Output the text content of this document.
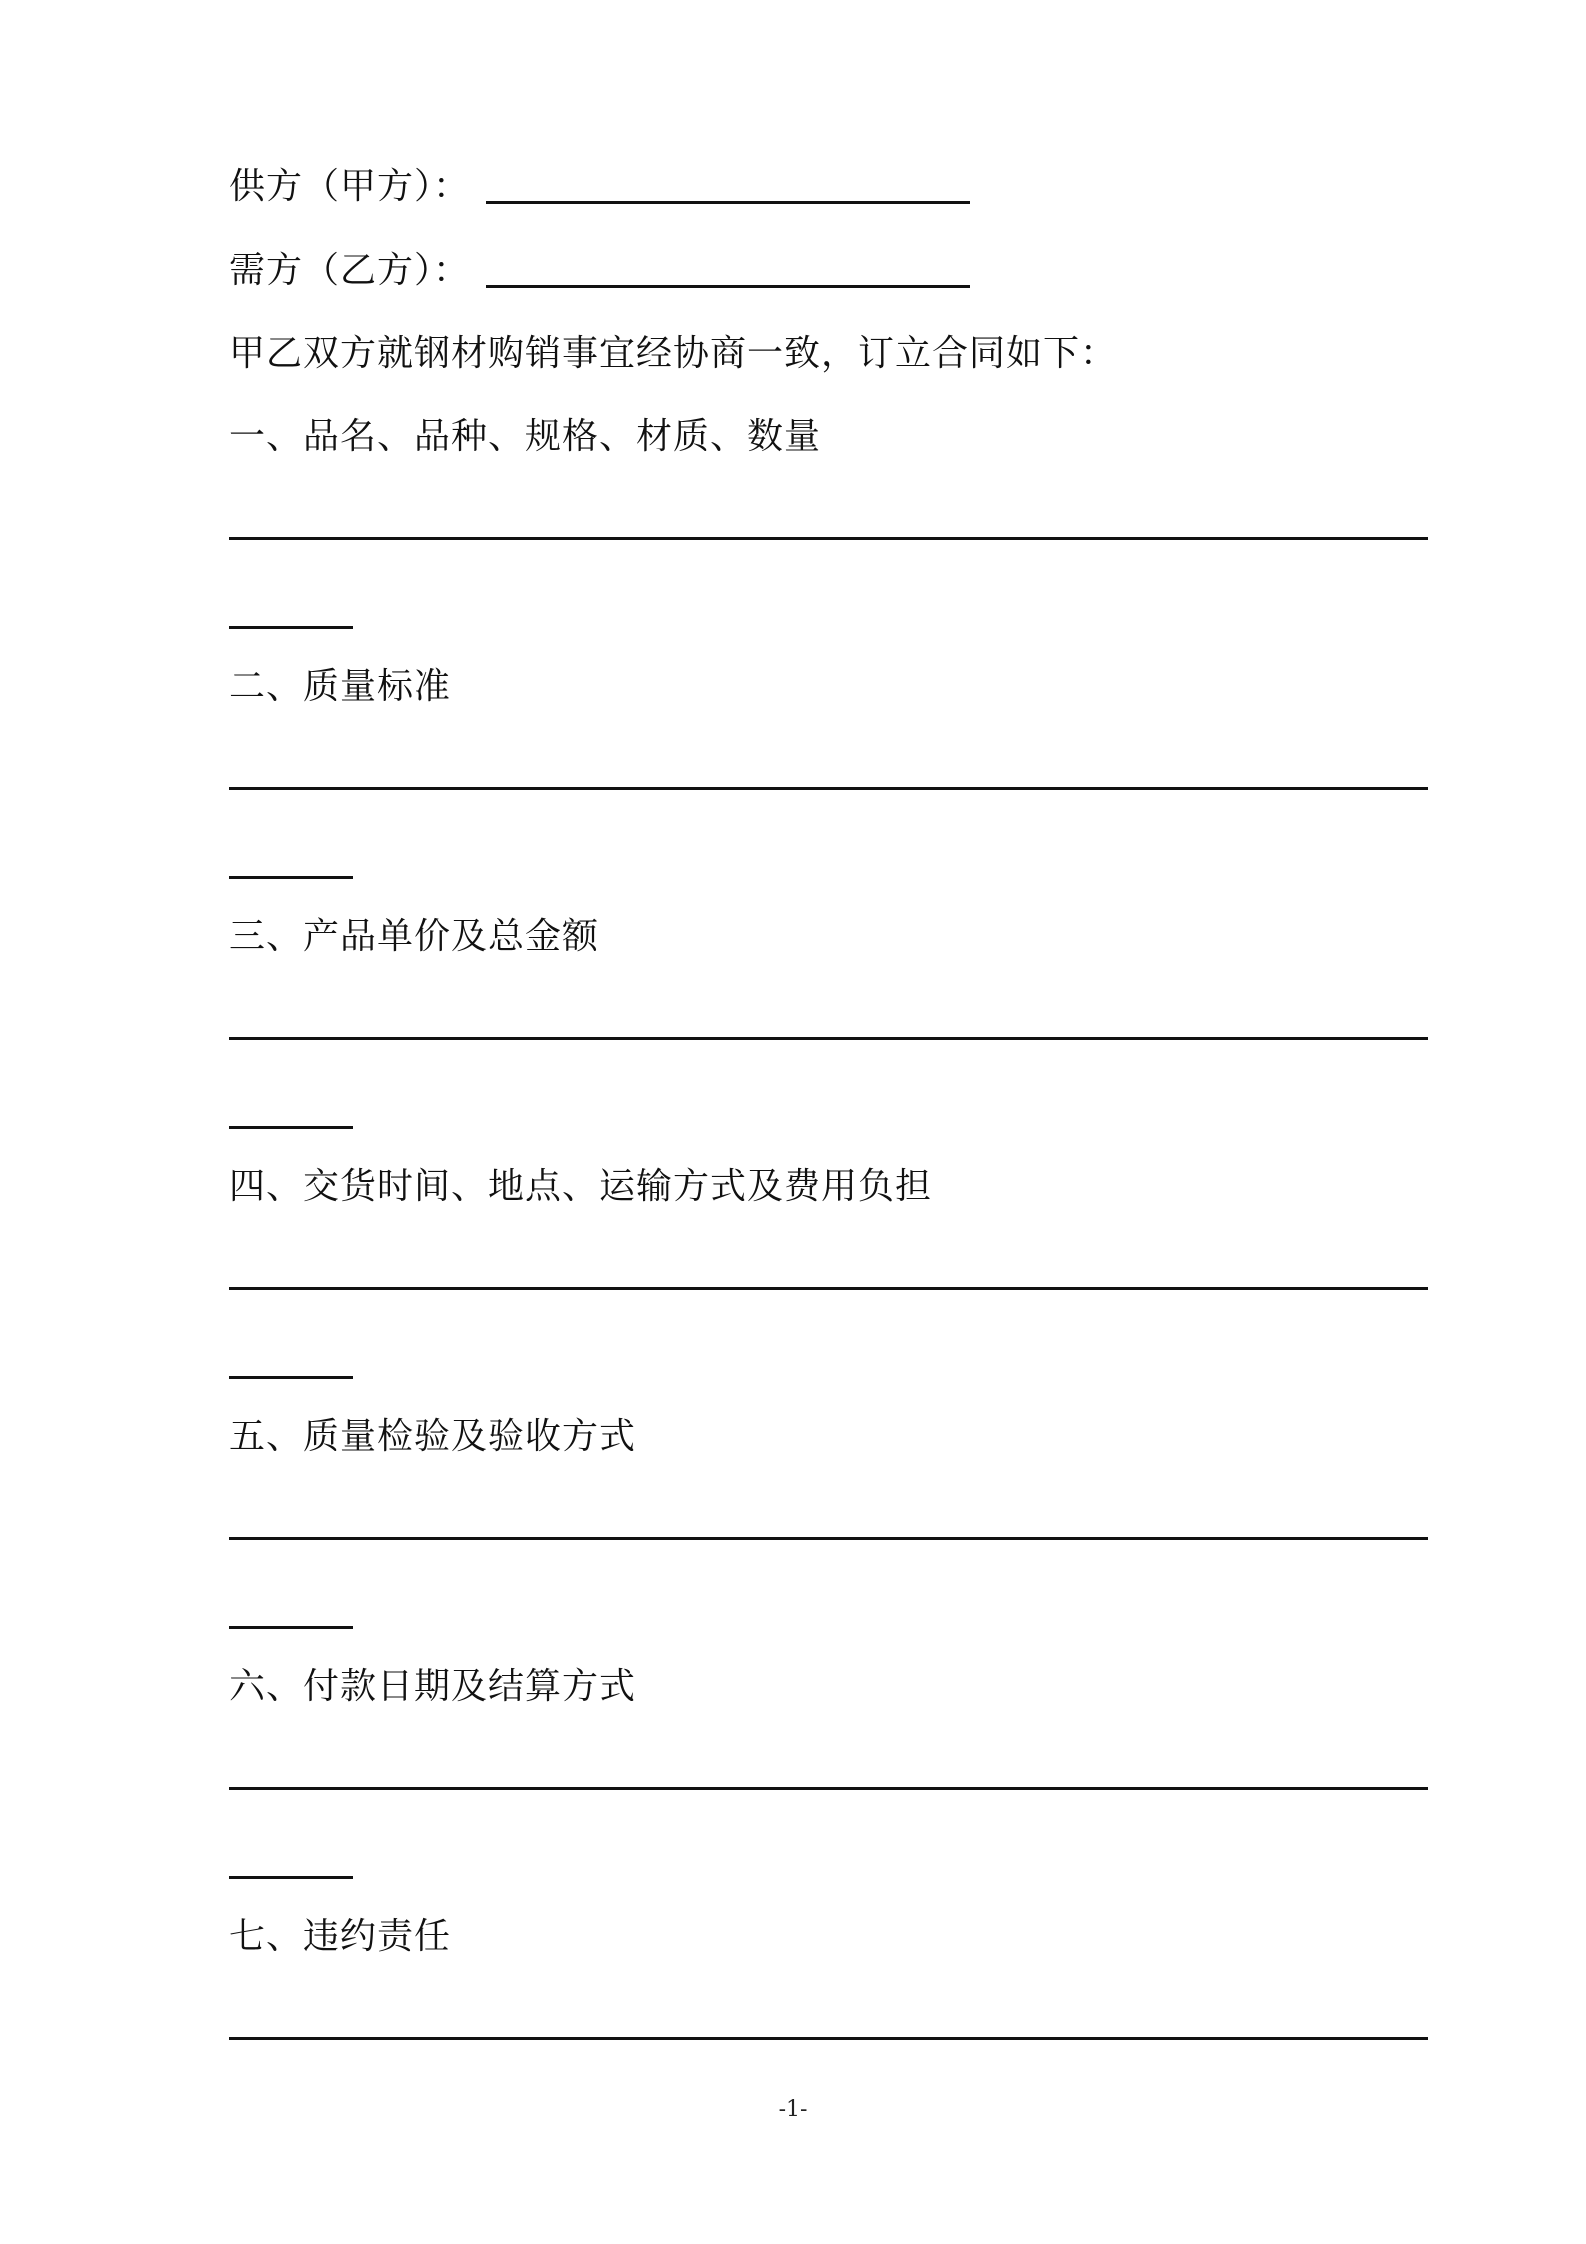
供方（甲方）：
需方（乙方）：
甲乙双方就钢材购销事宜经协商一致，订立合同如下：
一、品名、品种、规格、材质、数量
二、质量标准
三、产品单价及总金额
四、交货时间、地点、运输方式及费用负担
五、质量检验及验收方式
六、付款日期及结算方式
七、违约责任
-1-
